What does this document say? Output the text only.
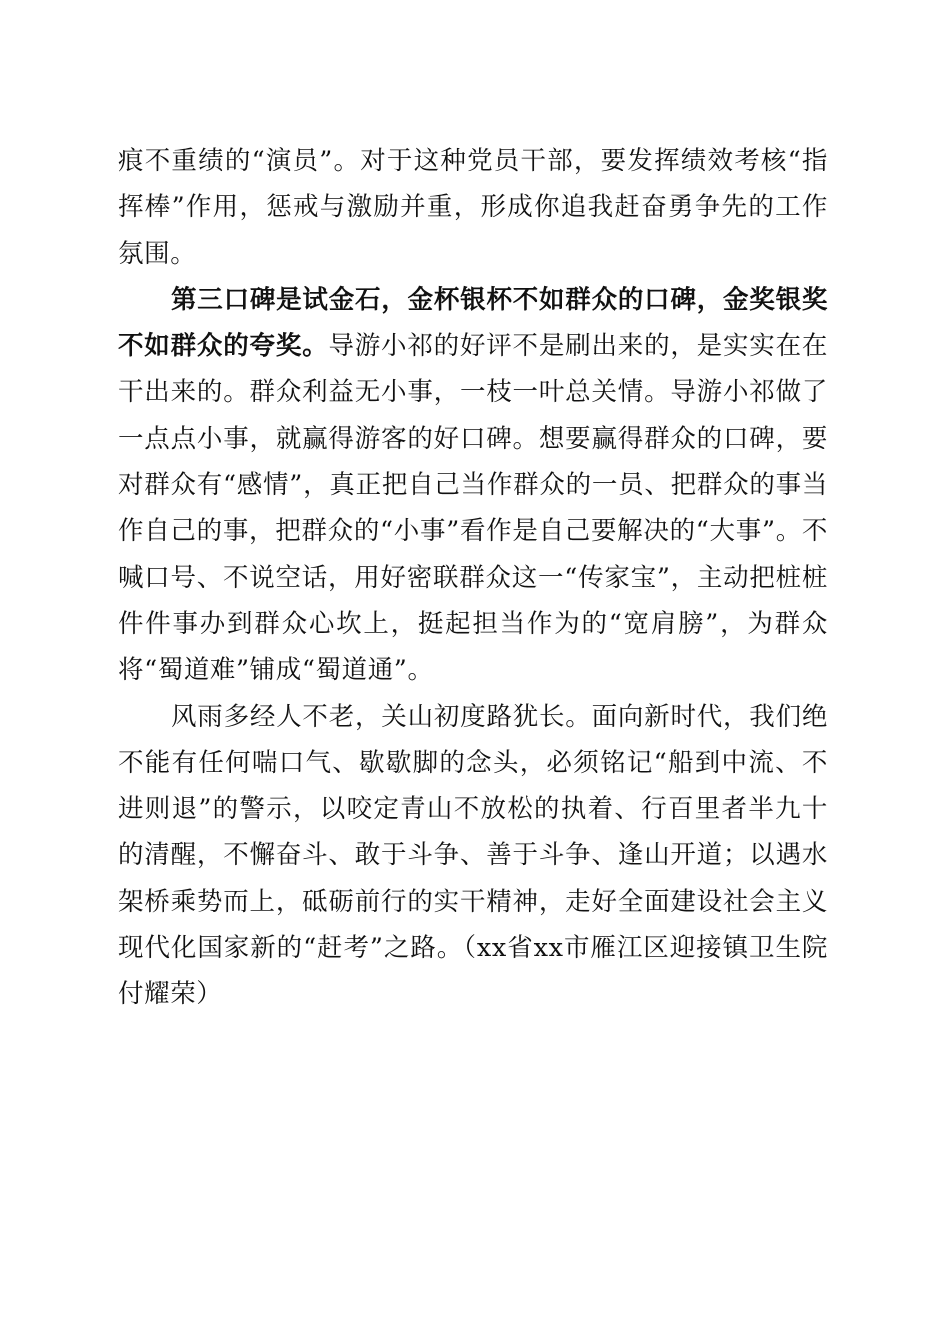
痕不重绩的“演员”。对于这种党员干部，要发挥绩效考核“指挥棒”作用，惩戒与激励并重，形成你追我赶奋勇争先的工作氛围。

第三口碑是试金石，金杯银杯不如群众的口碑，金奖银奖不如群众的夸奖。导游小祁的好评不是刷出来的，是实实在在干出来的。群众利益无小事，一枝一叶总关情。导游小祁做了一点点小事，就赢得游客的好口碑。想要赢得群众的口碑，要对群众有“感情”，真正把自己当作群众的一员、把群众的事当作自己的事，把群众的“小事”看作是自己要解决的“大事”。不喊口号、不说空话，用好密联群众这一“传家宝”，主动把桩桩件件事办到群众心坎上，挺起担当作为的“宽肩膀”，为群众将“蜀道难”铺成“蜀道通”。

风雨多经人不老，关山初度路犹长。面向新时代，我们绝不能有任何喘口气、歇歇脚的念头，必须铭记“船到中流、不进则退”的警示，以咬定青山不放松的执着、行百里者半九十的清醒，不懈奋斗、敢于斗争、善于斗争、逢山开道；以遇水架桥乘势而上，砥砺前行的实干精神，走好全面建设社会主义现代化国家新的“赶考”之路。（xx省xx市雁江区迎接镇卫生院付耀荣）
